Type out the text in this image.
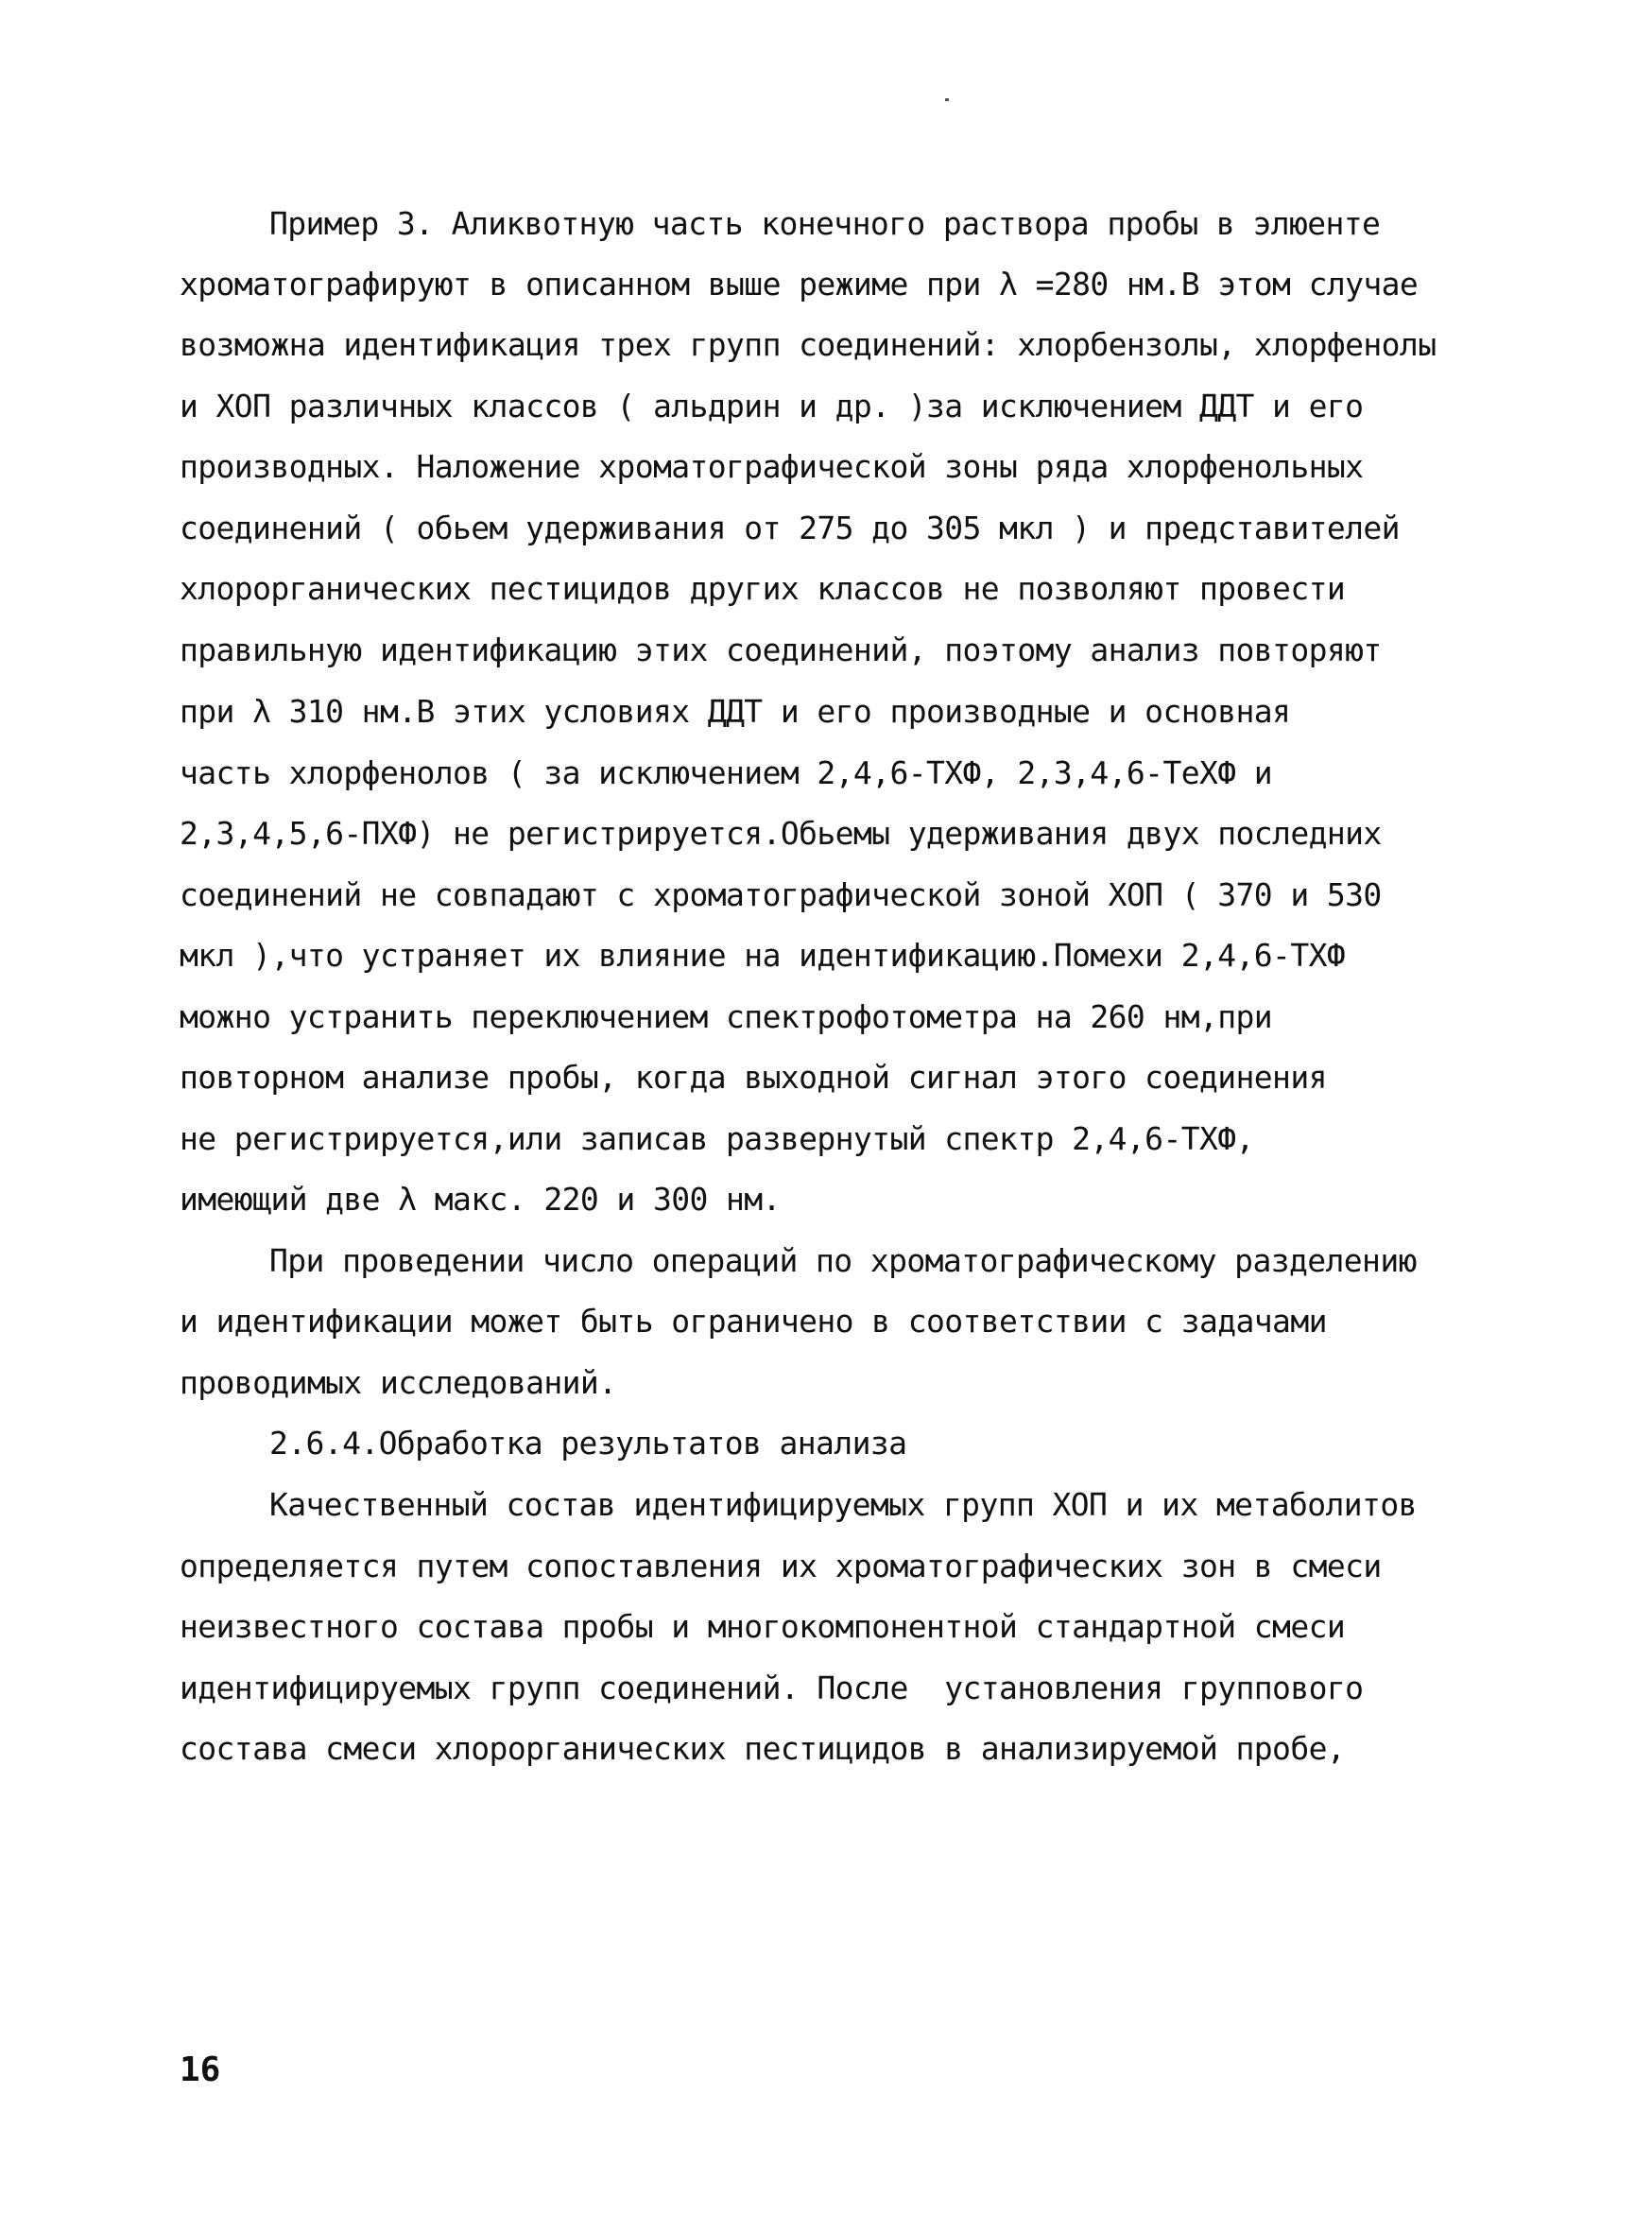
Пример 3. Аликвотную часть конечного раствора пробы в элюенте
хроматографируют в описанном выше режиме при λ =280 нм.В этом случае
возможна идентификация трех групп соединений: хлорбензолы, хлорфенолы
и ХОП различных классов ( альдрин и др. )за исключением ДДТ и его
производных. Наложение хроматографической зоны ряда хлорфенольных
соединений ( обьем удерживания от 275 до 305 мкл ) и представителей
хлорорганических пестицидов других классов не позволяют провести
правильную идентификацию этих соединений, поэтому анализ повторяют
при λ 310 нм.В этих условиях ДДТ и его производные и основная
часть хлорфенолов ( за исключением 2,4,6-ТХФ, 2,3,4,6-ТеХФ и
2,3,4,5,6-ПХФ) не регистрируется.Обьемы удерживания двух последних
соединений не совпадают с хроматографической зоной ХОП ( 370 и 530
мкл ),что устраняет их влияние на идентификацию.Помехи 2,4,6-ТХФ
можно устранить переключением спектрофотометра на 260 нм,при
повторном анализе пробы, когда выходной сигнал этого соединения
не регистрируется,или записав развернутый спектр 2,4,6-ТХФ,
имеющий две λ макс. 220 и 300 нм.
При проведении число операций по хроматографическому разделению
и идентификации может быть ограничено в соответствии с задачами
проводимых исследований.
2.6.4.Обработка результатов анализа
Качественный состав идентифицируемых групп ХОП и их метаболитов
определяется путем сопоставления их хроматографических зон в смеси
неизвестного состава пробы и многокомпонентной стандартной смеси
идентифицируемых групп соединений. После  установления группового
состава смеси хлорорганических пестицидов в анализируемой пробе,
16
